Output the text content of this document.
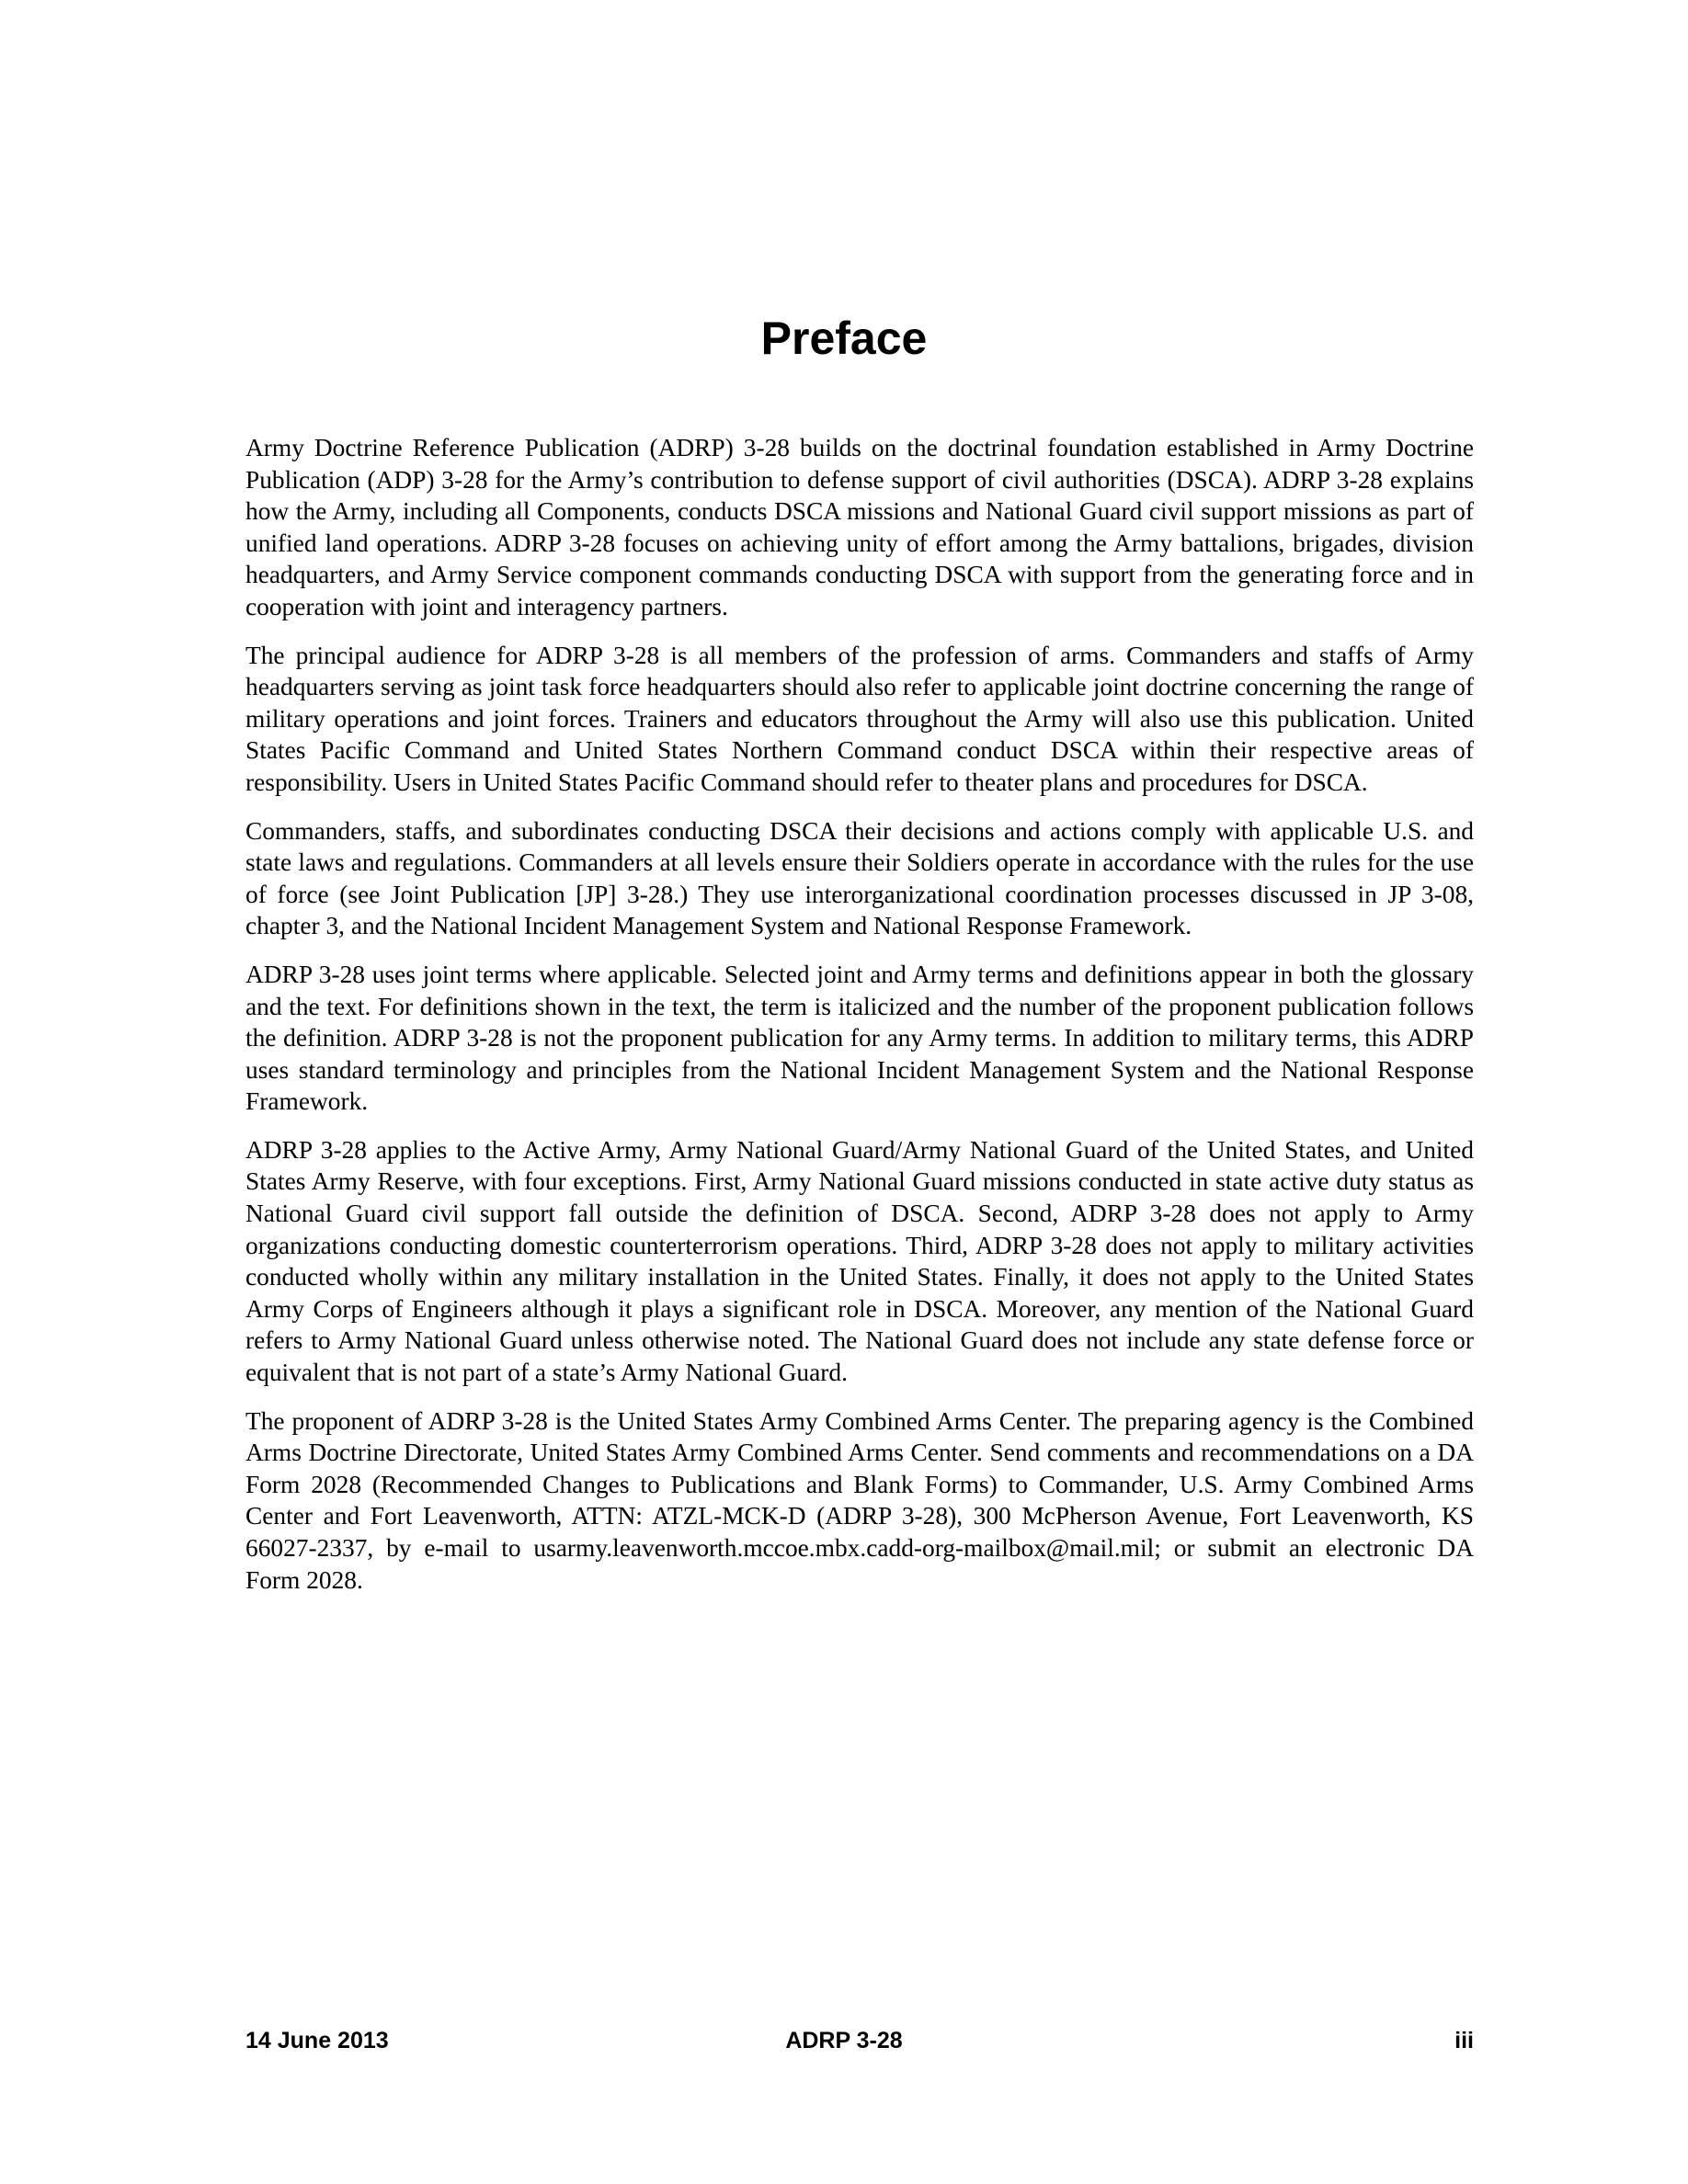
Preface

Army Doctrine Reference Publication (ADRP) 3-28 builds on the doctrinal foundation established in Army Doctrine Publication (ADP) 3-28 for the Army’s contribution to defense support of civil authorities (DSCA). ADRP 3-28 explains how the Army, including all Components, conducts DSCA missions and National Guard civil support missions as part of unified land operations. ADRP 3-28 focuses on achieving unity of effort among the Army battalions, brigades, division headquarters, and Army Service component commands conducting DSCA with support from the generating force and in cooperation with joint and interagency partners.

The principal audience for ADRP 3-28 is all members of the profession of arms. Commanders and staffs of Army headquarters serving as joint task force headquarters should also refer to applicable joint doctrine concerning the range of military operations and joint forces. Trainers and educators throughout the Army will also use this publication. United States Pacific Command and United States Northern Command conduct DSCA within their respective areas of responsibility. Users in United States Pacific Command should refer to theater plans and procedures for DSCA.

Commanders, staffs, and subordinates conducting DSCA their decisions and actions comply with applicable U.S. and state laws and regulations. Commanders at all levels ensure their Soldiers operate in accordance with the rules for the use of force (see Joint Publication [JP] 3-28.) They use interorganizational coordination processes discussed in JP 3-08, chapter 3, and the National Incident Management System and National Response Framework.

ADRP 3-28 uses joint terms where applicable. Selected joint and Army terms and definitions appear in both the glossary and the text. For definitions shown in the text, the term is italicized and the number of the proponent publication follows the definition. ADRP 3-28 is not the proponent publication for any Army terms. In addition to military terms, this ADRP uses standard terminology and principles from the National Incident Management System and the National Response Framework.

ADRP 3-28 applies to the Active Army, Army National Guard/Army National Guard of the United States, and United States Army Reserve, with four exceptions. First, Army National Guard missions conducted in state active duty status as National Guard civil support fall outside the definition of DSCA. Second, ADRP 3-28 does not apply to Army organizations conducting domestic counterterrorism operations. Third, ADRP 3-28 does not apply to military activities conducted wholly within any military installation in the United States. Finally, it does not apply to the United States Army Corps of Engineers although it plays a significant role in DSCA. Moreover, any mention of the National Guard refers to Army National Guard unless otherwise noted. The National Guard does not include any state defense force or equivalent that is not part of a state’s Army National Guard.

The proponent of ADRP 3-28 is the United States Army Combined Arms Center. The preparing agency is the Combined Arms Doctrine Directorate, United States Army Combined Arms Center. Send comments and recommendations on a DA Form 2028 (Recommended Changes to Publications and Blank Forms) to Commander, U.S. Army Combined Arms Center and Fort Leavenworth, ATTN: ATZL-MCK-D (ADRP 3-28), 300 McPherson Avenue, Fort Leavenworth, KS 66027-2337, by e-mail to usarmy.leavenworth.mccoe.mbx.cadd-org-mailbox@mail.mil; or submit an electronic DA Form 2028.

ADRP 3-28
14 June 2013	iii
